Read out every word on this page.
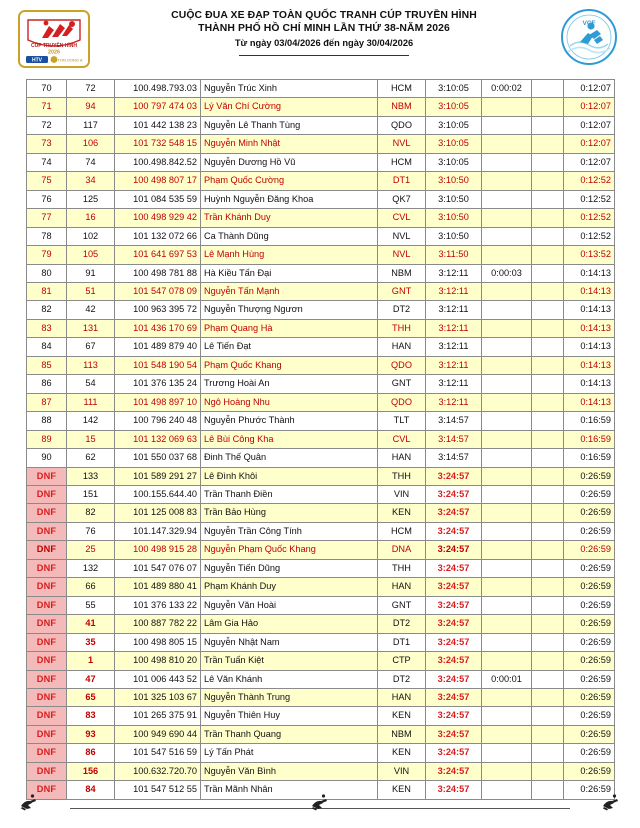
CÚP TRUYỀN HÌNH
2026
HTV	TON DONG A
CUỘC ĐUA XE ĐẠP TOÀN QUỐC TRANH CÚP TRUYỀN HÌNH
THÀNH PHỐ HỒ CHÍ MINH LẦN THỨ 38-NĂM 2026
Từ ngày 03/04/2026 đến ngày 30/04/2026
VCF
70	72	100.498.793.03	Nguyễn Trúc Xinh	HCM	3:10:05	0:00:02		0:12:07
71	94	100 797 474 03	Lý Văn Chí Cường	NBM	3:10:05			0:12:07
72	117	101 442 138 23	Nguyễn Lê Thanh Tùng	QDO	3:10:05			0:12:07
73	106	101 732 548 15	Nguyễn Minh Nhật	NVL	3:10:05			0:12:07
74	74	100.498.842.52	Nguyễn Dương Hồ Vũ	HCM	3:10:05			0:12:07
75	34	100 498 807 17	Phạm Quốc Cường	DT1	3:10:50			0:12:52
76	125	101 084 535 59	Huỳnh Nguyễn Đăng Khoa	QK7	3:10:50			0:12:52
77	16	100 498 929 42	Trần Khánh Duy	CVL	3:10:50			0:12:52
78	102	101 132 072 66	Ca Thành Dũng	NVL	3:10:50			0:12:52
79	105	101 641 697 53	Lê Mạnh Hùng	NVL	3:11:50			0:13:52
80	91	100 498 781 88	Hà Kiều Tấn Đại	NBM	3:12:11	0:00:03		0:14:13
81	51	101 547 078 09	Nguyễn Tấn Mạnh	GNT	3:12:11			0:14:13
82	42	100 963 395 72	Nguyễn Thượng Ngươn	DT2	3:12:11			0:14:13
83	131	101 436 170 69	Phạm Quang Hà	THH	3:12:11			0:14:13
84	67	101 489 879 40	Lê Tiến Đạt	HAN	3:12:11			0:14:13
85	113	101 548 190 54	Phạm Quốc Khang	QDO	3:12:11			0:14:13
86	54	101 376 135 24	Trương Hoài An	GNT	3:12:11			0:14:13
87	111	101 498 897 10	Ngô Hoàng Nhu	QDO	3:12:11			0:14:13
88	142	100 796 240 48	Nguyễn Phước Thành	TLT	3:14:57			0:16:59
89	15	101 132 069 63	Lê Bùi Công Kha	CVL	3:14:57			0:16:59
90	62	101 550 037 68	Đinh Thế Quân	HAN	3:14:57			0:16:59
DNF	133	101 589 291 27	Lê Đình Khôi	THH	3:24:57			0:26:59
DNF	151	100.155.644.40	Trần Thanh Điền	VIN	3:24:57			0:26:59
DNF	82	101 125 008 83	Trần Bảo Hùng	KEN	3:24:57			0:26:59
DNF	76	101.147.329.94	Nguyễn Trần Công Tính	HCM	3:24:57			0:26:59
DNF	25	100 498 915 28	Nguyễn Phạm Quốc Khang	DNA	3:24:57			0:26:59
DNF	132	101 547 076 07	Nguyễn Tiến Dũng	THH	3:24:57			0:26:59
DNF	66	101 489 880 41	Phạm Khánh Duy	HAN	3:24:57			0:26:59
DNF	55	101 376 133 22	Nguyễn Văn Hoài	GNT	3:24:57			0:26:59
DNF	41	100 887 782 22	Lâm Gia Hảo	DT2	3:24:57			0:26:59
DNF	35	100 498 805 15	Nguyễn Nhật Nam	DT1	3:24:57			0:26:59
DNF	1	100 498 810 20	Trần Tuấn Kiệt	CTP	3:24:57			0:26:59
DNF	47	101 006 443 52	Lê Văn Khánh	DT2	3:24:57	0:00:01		0:26:59
DNF	65	101 325 103 67	Nguyễn Thành Trung	HAN	3:24:57			0:26:59
DNF	83	101 265 375 91	Nguyễn Thiên Huy	KEN	3:24:57			0:26:59
DNF	93	100 949 690 44	Trần Thanh Quang	NBM	3:24:57			0:26:59
DNF	86	101 547 516 59	Lý Tấn Phát	KEN	3:24:57			0:26:59
DNF	156	100.632.720.70	Nguyễn Văn Bình	VIN	3:24:57			0:26:59
DNF	84	101 547 512 55	Trần Mãnh Nhân	KEN	3:24:57			0:26:59
